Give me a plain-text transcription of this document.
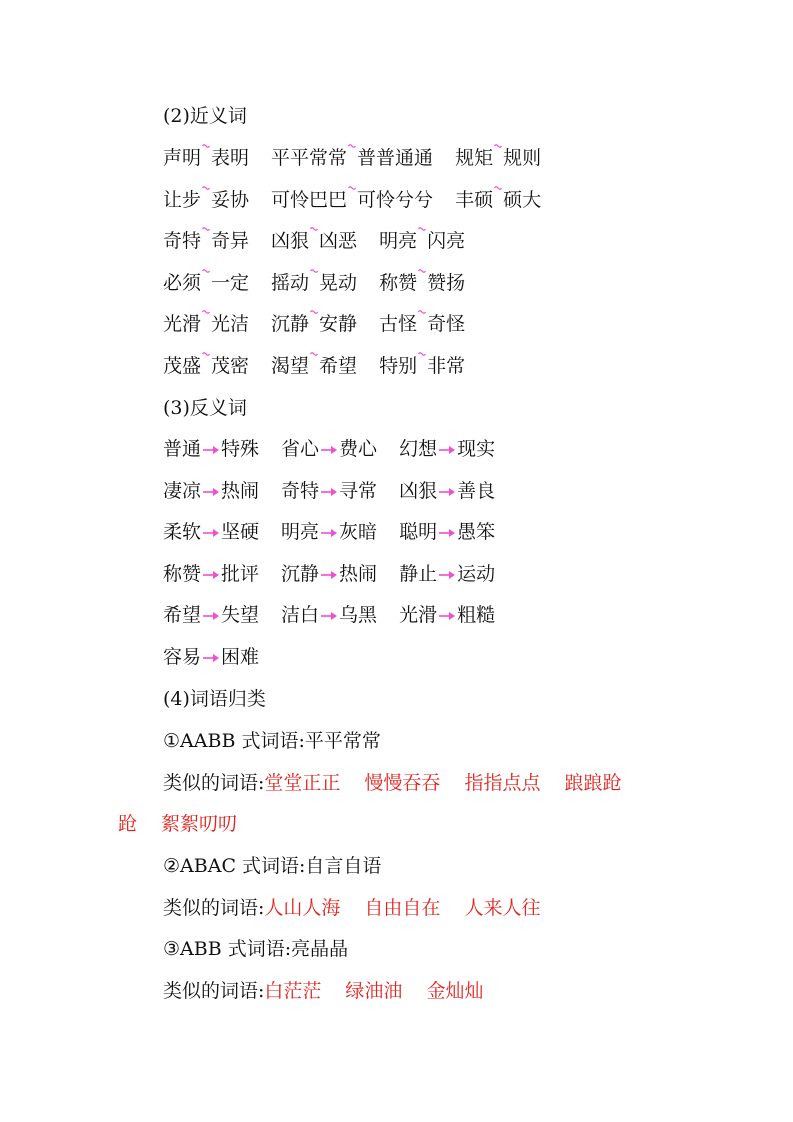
(2)近义词
声明 表明 平平常常 普普通通 规矩 规则
让步 妥协 可怜巴巴 可怜兮兮 丰硕 硕大
奇特 奇异 凶狠 凶恶 明亮 闪亮
必须 一定 摇动 晃动 称赞 赞扬
光滑 光洁 沉静 安静 古怪 奇怪
茂盛 茂密 渴望 希望 特别 非常
(3)反义词
普通 特殊 省心 费心 幻想 现实
凄凉 热闹 奇特 寻常 凶狠 善良
柔软 坚硬 明亮 灰暗 聪明 愚笨
称赞 批评 沉静 热闹 静止 运动
希望 失望 洁白 乌黑 光滑 粗糙
容易 困难
(4)词语归类
①AABB 式词语:平平常常
类似的词语:堂堂正正 慢慢吞吞 指指点点 踉踉跄
跄 絮絮叨叨
②ABAC 式词语:自言自语
类似的词语:人山人海 自由自在 人来人往
③ABB 式词语:亮晶晶
类似的词语:白茫茫 绿油油 金灿灿
